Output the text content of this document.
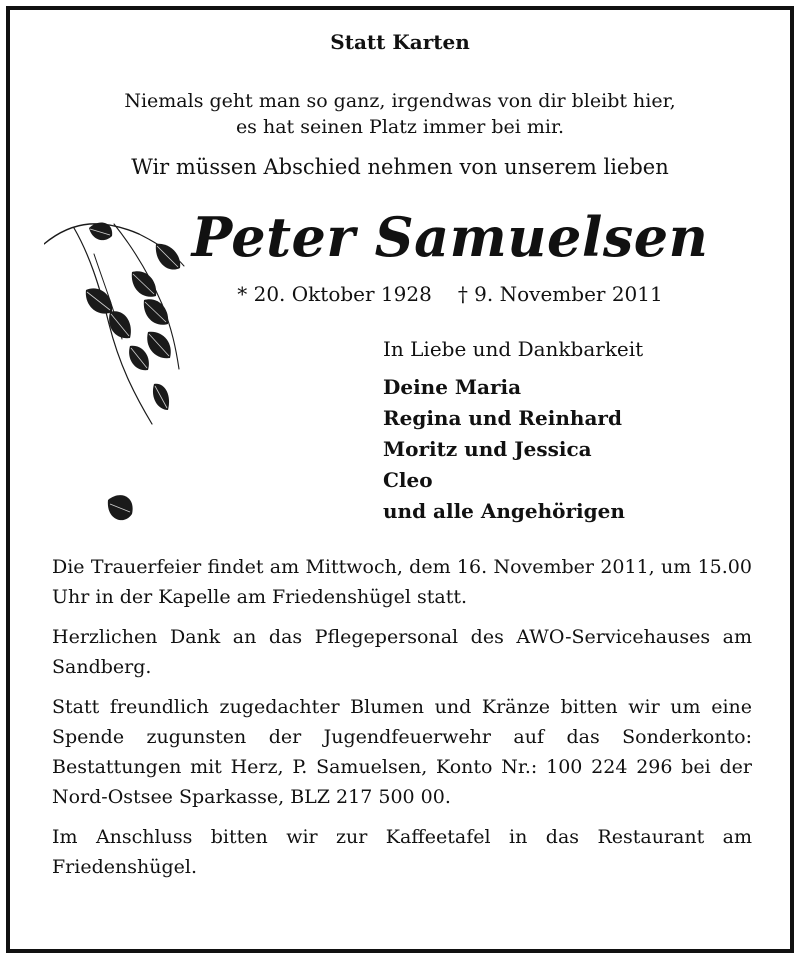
Statt Karten
Niemals geht man so ganz, irgendwas von dir bleibt hier,
es hat seinen Platz immer bei mir.
Wir müssen Abschied nehmen von unserem lieben
Peter Samuelsen
* 20. Oktober 1928 † 9. November 2011

In Liebe und Dankbarkeit

Deine Maria
Regina und Reinhard
Moritz und Jessica
Cleo
und alle Angehörigen

Die Trauerfeier findet am Mittwoch, dem 16. November 2011, um 15.00 Uhr in der Kapelle am Friedenshügel statt.

Herzlichen Dank an das Pflegepersonal des AWO-Servicehauses am Sandberg.

Statt freundlich zugedachter Blumen und Kränze bitten wir um eine Spende zugunsten der Jugendfeuerwehr auf das Sonderkonto: Bestattungen mit Herz, P. Samuelsen, Konto Nr.: 100 224 296 bei der Nord-Ostsee Sparkasse, BLZ 217 500 00.

Im Anschluss bitten wir zur Kaffeetafel in das Restaurant am Friedenshügel.
